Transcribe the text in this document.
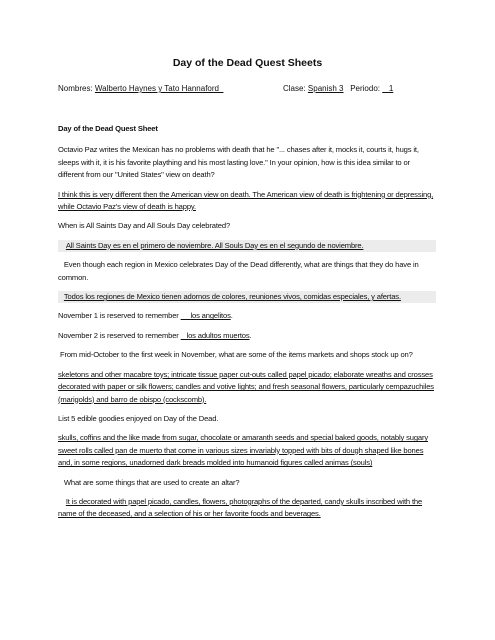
Day of the Dead Quest Sheets
Nombres: Walberto Haynes y Tato Hannaford	Clase: Spanish 3 Periodo: 1

Day of the Dead Quest Sheet

Octavio Paz writes the Mexican has no problems with death that he "... chases after it, mocks it, courts it, hugs it, sleeps with it, it is his favorite plaything and his most lasting love." In your opinion, how is this idea similar to or different from our "United States" view on death?

I think this is very different then the American view on death. The American view of death is frightening or depressing, while Octavio Paz's view of death is happy.

When is All Saints Day and All Souls Day celebrated?

All Saints Day es en el primero de noviembre. All Souls Day es en el segundo de noviembre.

Even though each region in Mexico celebrates Day of the Dead differently, what are things that they do have in common.

Todos los regiones de Mexico tienen adornos de colores, reuniones vivos, comidas especiales, y afertas.

November 1 is reserved to remember los angelitos.

November 2 is reserved to remember los adultos muertos.

From mid-October to the first week in November, what are some of the items markets and shops stock up on?

skeletons and other macabre toys; intricate tissue paper cut-outs called papel picado; elaborate wreaths and crosses decorated with paper or silk flowers; candles and votive lights; and fresh seasonal flowers, particularly cempazuchiles (marigolds) and barro de obispo (cockscomb).

List 5 edible goodies enjoyed on Day of the Dead.

skulls, coffins and the like made from sugar, chocolate or amaranth seeds and special baked goods, notably sugary sweet rolls called pan de muerto that come in various sizes invariably topped with bits of dough shaped like bones and, in some regions, unadorned dark breads molded into humanoid figures called animas (souls)

What are some things that are used to create an altar?

It is decorated with papel picado, candles, flowers, photographs of the departed, candy skulls inscribed with the name of the deceased, and a selection of his or her favorite foods and beverages.
